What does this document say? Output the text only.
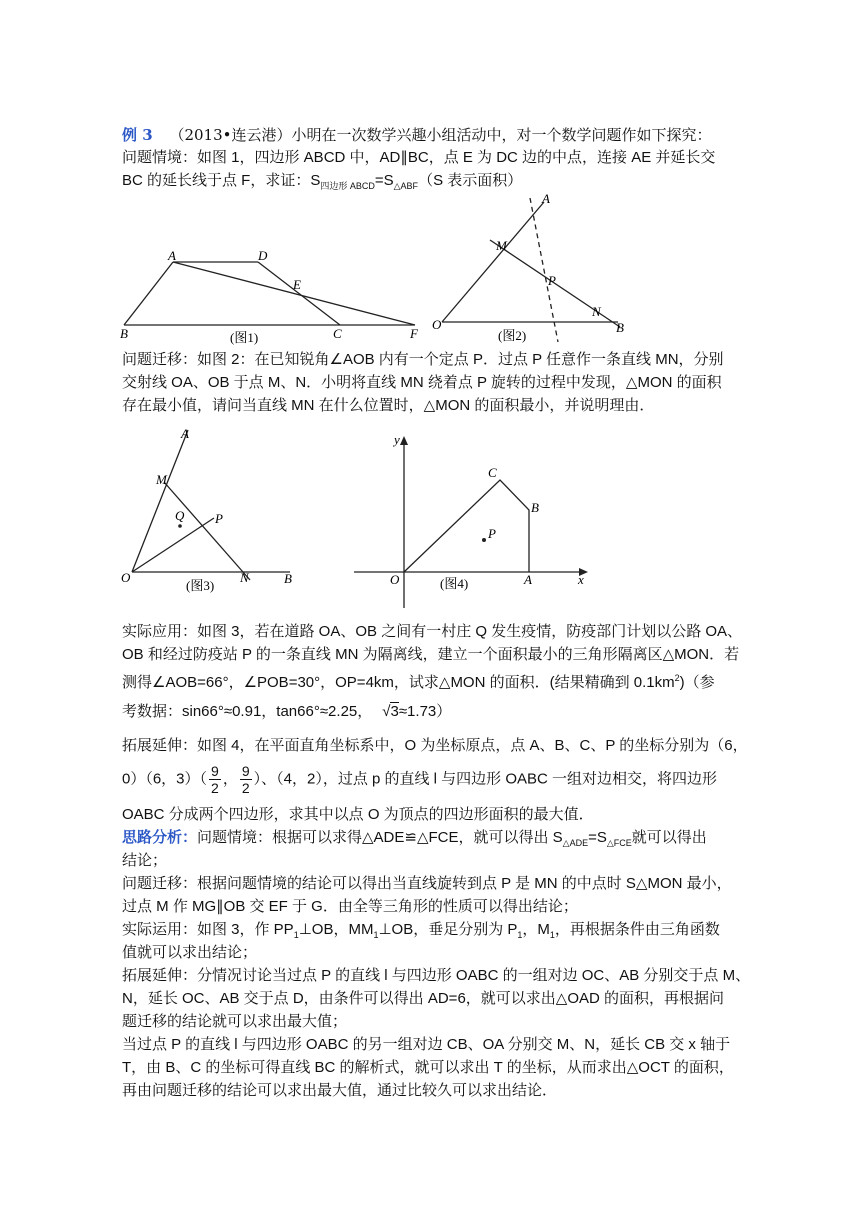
例 3 （2013•连云港）小明在一次数学兴趣小组活动中，对一个数学问题作如下探究：
问题情境：如图 1，四边形 ABCD 中，AD∥BC，点 E 为 DC 边的中点，连接 AE 并延长交
BC 的延长线于点 F，求证：$S_{四边形 ABCD}=S_{\triangle ABF}(S$ 表示面积）
A	D
E
B	C	F
(图1)
A
M
P
N
O	B
(图2)
问题迁移：如图 2：在已知锐角∠AOB 内有一个定点 P．过点 P 任意作一条直线 MN，分别
交射线 OA、OB 于点 M、N．小明将直线 MN 绕着点 P 旋转的过程中发现，△MON 的面积
存在最小值，请问当直线 MN 在什么位置时，△MON 的面积最小，并说明理由．
A
M
Q P
O	N	B
(图3)
y
C
B
P
O	A	x
(图4)
实际应用：如图 3，若在道路 OA、OB 之间有一村庄 Q 发生疫情，防疫部门计划以公路 OA、
OB 和经过防疫站 P 的一条直线 MN 为隔离线，建立一个面积最小的三角形隔离区△MON．若
测得∠AOB=66°，∠POB=30°，OP=4km，试求△MON 的面积．(结果精确到 $0.1km^2$)（参
考数据：sin66°≈0.91，tan66°≈2.25， √3≈1.73）
拓展延伸：如图 4，在平面直角坐标系中，O 为坐标原点，点 A、B、C、P 的坐标分别为（6，
0）（6，$3)( \frac{9}{2}$ ， $\frac{9}{2}$ ）、（4，2），过点 p 的直线 l 与四边形 OABC 一组对边相交，将四边形
OABC 分成两个四边形，求其中以点 O 为顶点的四边形面积的最大值．
思路分析：问题情境：根据可以求得△ADE≌△FCE，就可以得出 $S_{\triangle ADE}=S_{\triangle FCE}$就可以得出
结论；
问题迁移：根据问题情境的结论可以得出当直线旋转到点 P 是 MN 的中点时 S△MON 最小，
过点 M 作 MG∥OB 交 EF 于 G．由全等三角形的性质可以得出结论；
实际运用：如图 3，作 $PP_1\perp OB$，$MM_1\perp OB$，垂足分别为 $P_1$，$M_1$，再根据条件由三角函数
值就可以求出结论；
拓展延伸：分情况讨论当过点 P 的直线 l 与四边形 OABC 的一组对边 OC、AB 分别交于点 M、
N，延长 OC、AB 交于点 D，由条件可以得出 AD=6，就可以求出△OAD 的面积，再根据问
题迁移的结论就可以求出最大值；
当过点 P 的直线 l 与四边形 OABC 的另一组对边 CB、OA 分别交 M、N，延长 CB 交 x 轴于
T，由 B、C 的坐标可得直线 BC 的解析式，就可以求出 T 的坐标，从而求出△OCT 的面积，
再由问题迁移的结论可以求出最大值，通过比较久可以求出结论．
